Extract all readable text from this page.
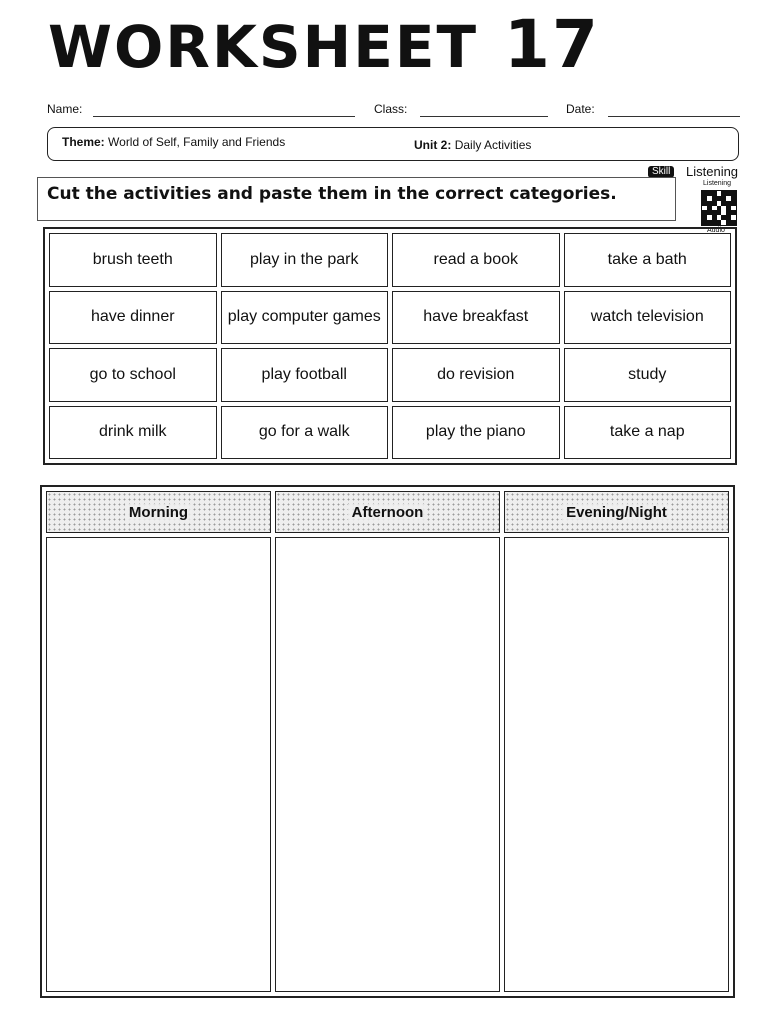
WORKSHEET 17
Name:	Class:	Date:
Theme: World of Self, Family and Friends	Unit 2: Daily Activities
Skill	Listening
Listening
Audio
Cut the activities and paste them in the correct categories.
brush teeth	play in the park	read a book	take a bath
have dinner	play computer games	have breakfast	watch television
go to school	play football	do revision	study
drink milk	go for a walk	play the piano	take a nap
Morning	Afternoon	Evening/Night
